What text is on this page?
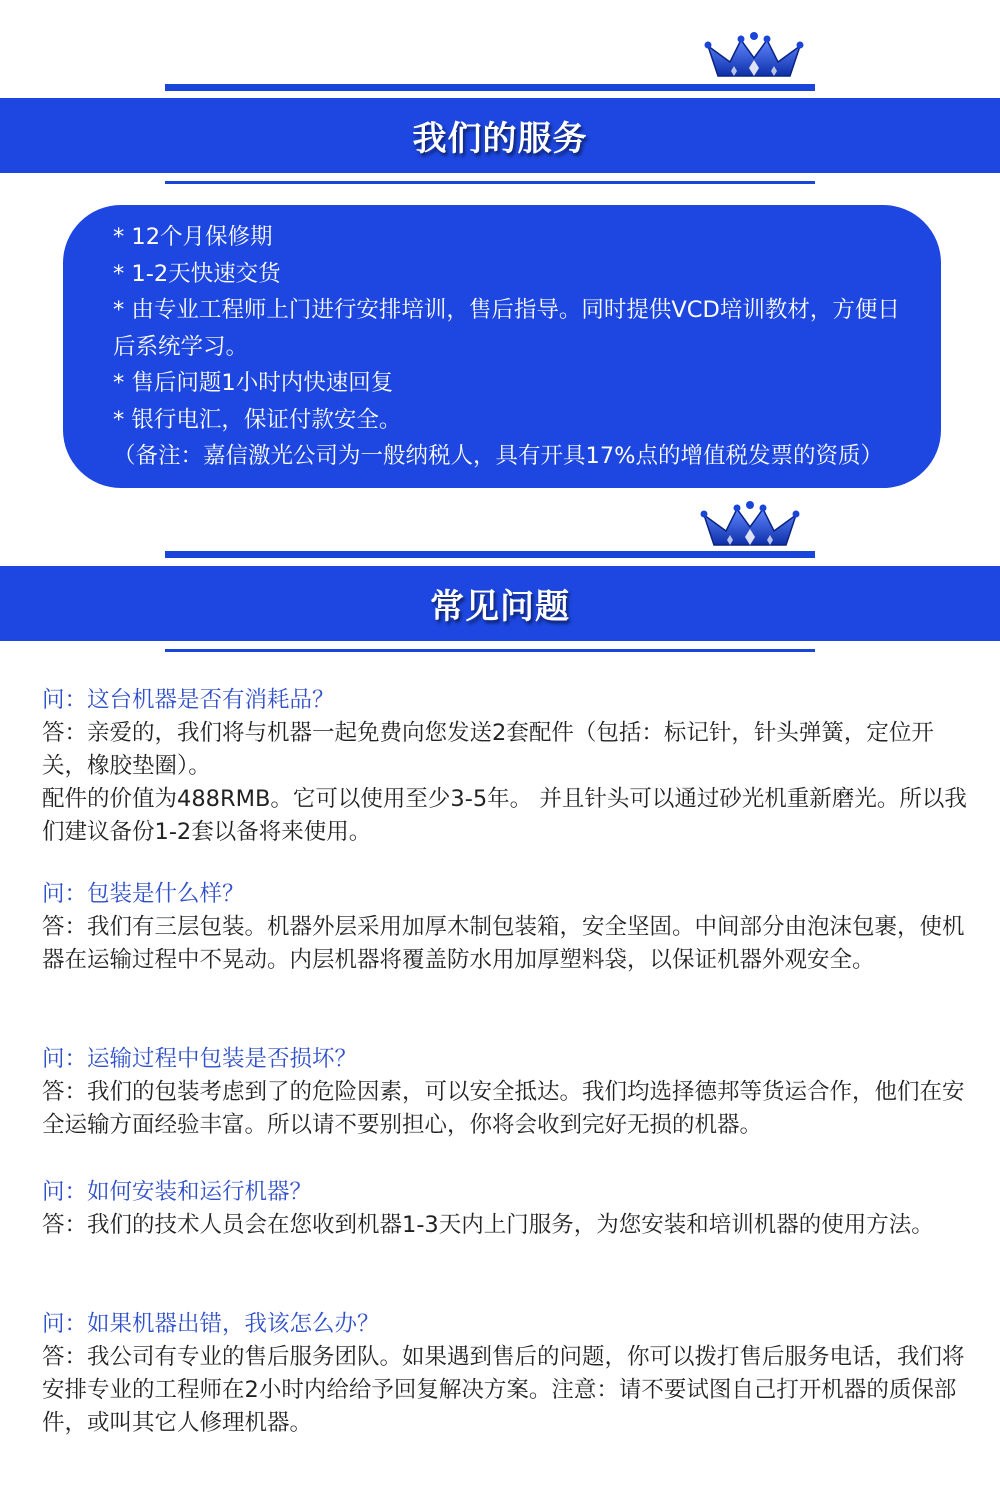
我们的服务

* 12个月保修期

* 1-2天快速交货

* 由专业工程师上门进行安排培训，售后指导。同时提供VCD培训教材，方便日后系统学习。

* 售后问题1小时内快速回复

* 银行电汇，保证付款安全。

（备注：嘉信激光公司为一般纳税人，具有开具17%点的增值税发票的资质）

常见问题

问：这台机器是否有消耗品？

答：亲爱的，我们将与机器一起免费向您发送2套配件（包括：标记针，针头弹簧，定位开关，橡胶垫圈）。

配件的价值为488RMB。它可以使用至少3-5年。 并且针头可以通过砂光机重新磨光。所以我们建议备份1-2套以备将来使用。

问：包装是什么样？

答：我们有三层包装。机器外层采用加厚木制包装箱，安全坚固。中间部分由泡沫包裹，使机器在运输过程中不晃动。内层机器将覆盖防水用加厚塑料袋，以保证机器外观安全。

问：运输过程中包装是否损坏？

答：我们的包装考虑到了的危险因素，可以安全抵达。我们均选择德邦等货运合作，他们在安全运输方面经验丰富。所以请不要别担心，你将会收到完好无损的机器。

问：如何安装和运行机器？

答：我们的技术人员会在您收到机器1-3天内上门服务，为您安装和培训机器的使用方法。

问：如果机器出错，我该怎么办？

答：我公司有专业的售后服务团队。如果遇到售后的问题，你可以拨打售后服务电话，我们将安排专业的工程师在2小时内给给予回复解决方案。注意：请不要试图自己打开机器的质保部件，或叫其它人修理机器。
